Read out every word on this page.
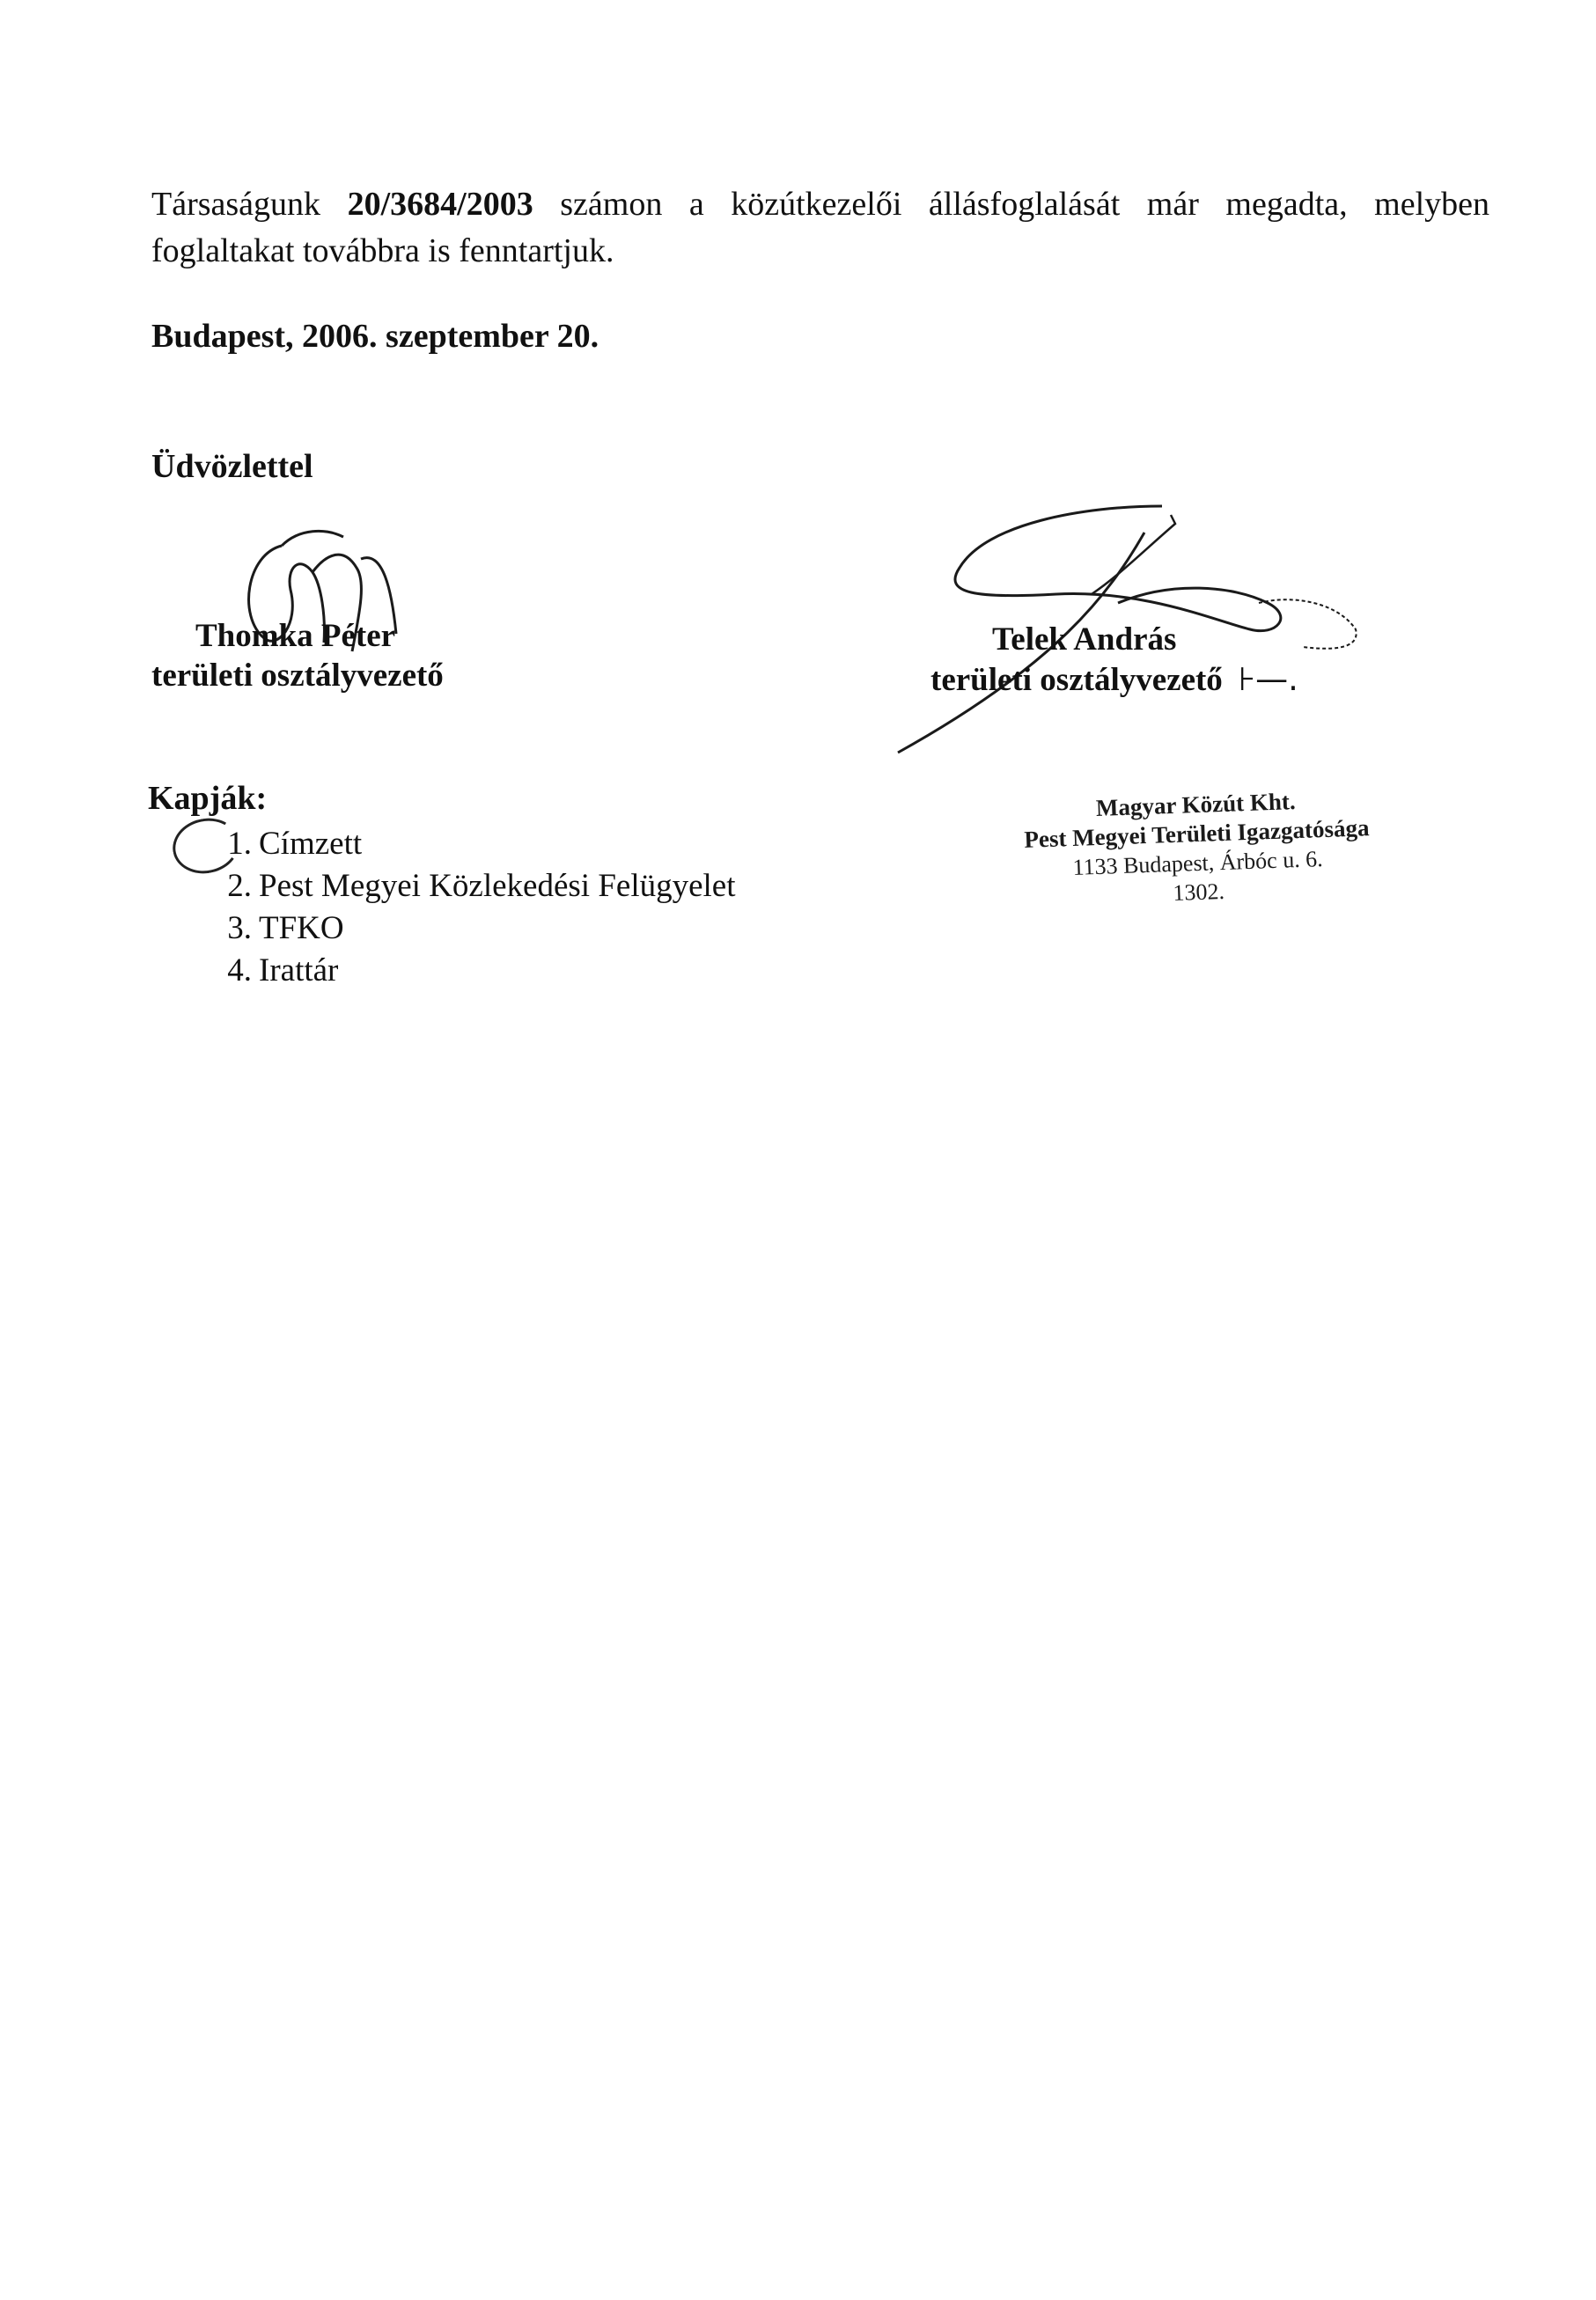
Társaságunk 20/3684/2003 számon a közútkezelői állásfoglalását már megadta, melyben foglaltakat továbbra is fenntartjuk.

Budapest, 2006. szeptember 20.
Üdvözlettel
Thomka Péter
területi osztályvezető
Telek András
területi osztályvezető ⊦—.
Kapják:
1 . Címzett
2 . Pest Megyei Közlekedési Felügyelet
3 . TFKO
4 . Irattár
Magyar Közút Kht.
Pest Megyei Területi Igazgatósága
1133 Budapest, Árbóc u. 6.
1302.
